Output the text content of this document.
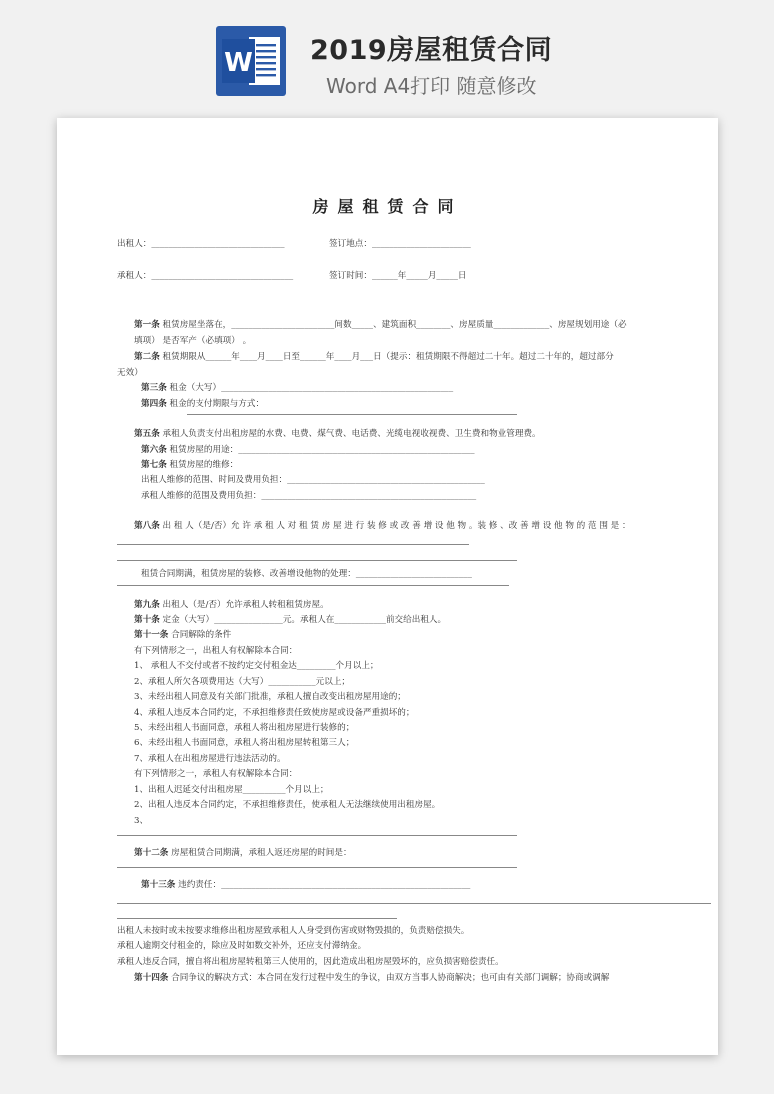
W 2019房屋租赁合同
Word A4打印 随意修改
房屋租赁合同
出租人：_______________________________	签订地点：_______________________
承租人：_________________________________	签订时间：______年_____月_____日
第一条 租赁房屋坐落在，________________________间数_____、建筑面积________、房屋质量_____________、房屋规划用途（必
填项） 是否军产（必填项） 。
第二条 租赁期限从______年____月____日至______年____月___日（提示：租赁期限不得超过二十年。超过二十年的，超过部分
无效）
第三条 租金（大写）______________________________________________________
第四条 租金的支付期限与方式：
第五条 承租人负责支付出租房屋的水费、电费、煤气费、电话费、光缆电视收视费、卫生费和物业管理费。
第六条 租赁房屋的用途：_______________________________________________________
第七条 租赁房屋的维修：
出租人维修的范围、时间及费用负担：______________________________________________
承租人维修的范围及费用负担：__________________________________________________
第八条 出 租 人（是/否）允 许 承 租 人 对 租 赁 房 屋 进 行 装 修 或 改 善 增 设 他 物 。装 修 、改 善 增 设 他 物 的 范 围 是 ：
租赁合同期满，租赁房屋的装修、改善增设他物的处理：___________________________
第九条 出租人（是/否）允许承租人转租租赁房屋。
第十条 定金（大写）________________元。承租人在____________前交给出租人。
第十一条 合同解除的条件
有下列情形之一，出租人有权解除本合同：
1、 承租人不交付或者不按约定交付租金达_________个月以上；
2、承租人所欠各项费用达（大写）___________元以上；
3、未经出租人同意及有关部门批准，承租人擅自改变出租房屋用途的；
4、承租人违反本合同约定，不承担维修责任致使房屋或设备严重损坏的；
5、未经出租人书面同意，承租人将出租房屋进行装修的；
6、未经出租人书面同意，承租人将出租房屋转租第三人；
7、承租人在出租房屋进行违法活动的。
有下列情形之一，承租人有权解除本合同：
1、出租人迟延交付出租房屋__________个月以上；
2、出租人违反本合同约定，不承担维修责任，使承租人无法继续使用出租房屋。
3、
第十二条 房屋租赁合同期满，承租人返还房屋的时间是：
第十三条 违约责任：__________________________________________________________
出租人未按时或未按要求维修出租房屋致承租人人身受到伤害或财物毁损的，负责赔偿损失。
承租人逾期交付租金的，除应及时如数交补外，还应支付滞纳金。
承租人违反合同，擅自将出租房屋转租第三人使用的，因此造成出租房屋毁坏的，应负损害赔偿责任。
第十四条 合同争议的解决方式：本合同在发行过程中发生的争议，由双方当事人协商解决；也可由有关部门调解；协商或调解
